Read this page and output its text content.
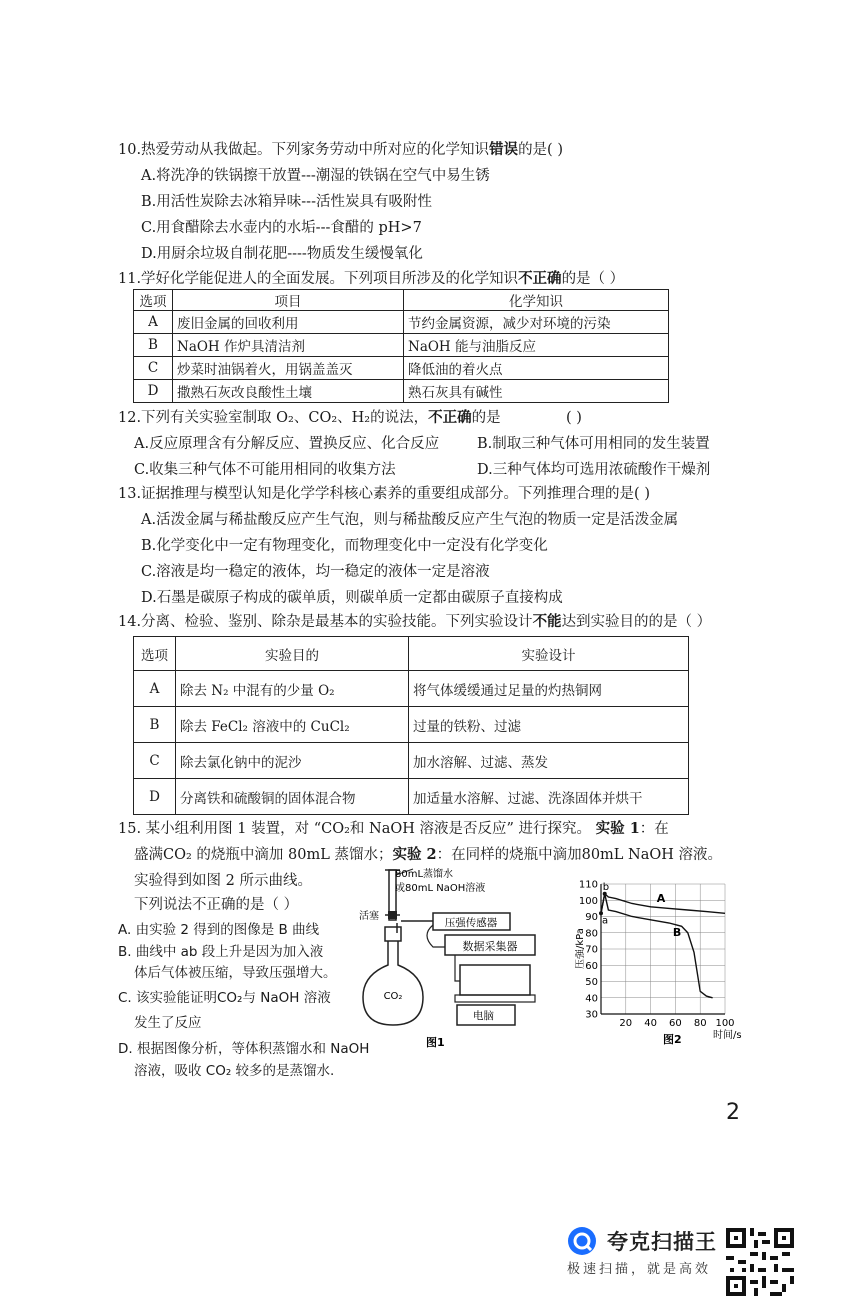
10.热爱劳动从我做起。下列家务劳动中所对应的化学知识错误的是( )
A.将洗净的铁锅擦干放置---潮湿的铁锅在空气中易生锈
B.用活性炭除去冰箱异味---活性炭具有吸附性
C.用食醋除去水壶内的水垢---食醋的 pH>7
D.用厨余垃圾自制花肥----物质发生缓慢氧化
11.学好化学能促进人的全面发展。下列项目所涉及的化学知识不正确的是（ ）
选项	项目	化学知识
A	废旧金属的回收利用	节约金属资源，减少对环境的污染
B	NaOH 作炉具清洁剂	NaOH 能与油脂反应
C	炒菜时油锅着火，用锅盖盖灭	降低油的着火点
D	撒熟石灰改良酸性土壤	熟石灰具有碱性
12.下列有关实验室制取 O₂、CO₂、H₂的说法，不正确的是	( )
A.反应原理含有分解反应、置换反应、化合反应	B.制取三种气体可用相同的发生装置
C.收集三种气体不可能用相同的收集方法	D.三种气体均可选用浓硫酸作干燥剂
13.证据推理与模型认知是化学学科核心素养的重要组成部分。下列推理合理的是( )
A.活泼金属与稀盐酸反应产生气泡，则与稀盐酸反应产生气泡的物质一定是活泼金属
B.化学变化中一定有物理变化，而物理变化中一定没有化学变化
C.溶液是均一稳定的液体，均一稳定的液体一定是溶液
D.石墨是碳原子构成的碳单质，则碳单质一定都由碳原子直接构成
14.分离、检验、鉴别、除杂是最基本的实验技能。下列实验设计不能达到实验目的的是（ ）
选项	实验目的	实验设计
A	除去 N₂ 中混有的少量 O₂	将气体缓缓通过足量的灼热铜网
B	除去 FeCl₂ 溶液中的 CuCl₂	过量的铁粉、过滤
C	除去氯化钠中的泥沙	加水溶解、过滤、蒸发
D	分离铁和硫酸铜的固体混合物	加适量水溶解、过滤、洗涤固体并烘干
15. 某小组利用图 1 装置，对 “CO₂和 NaOH 溶液是否反应” 进行探究。 实验 1：在
盛满CO₂ 的烧瓶中滴加 80mL 蒸馏水；实验 2：在同样的烧瓶中滴加80mL NaOH 溶液。
实验得到如图 2 所示曲线。
下列说法不正确的是（ ）
A. 由实验 2 得到的图像是 B 曲线
B. 曲线中 ab 段上升是因为加入液
体后气体被压缩，导致压强增大。
C. 该实验能证明CO₂与 NaOH 溶液
发生了反应
D. 根据图像分析，等体积蒸馏水和 NaOH
溶液，吸收 CO₂ 较多的是蒸馏水.
CO₂
压强传感器
数据采集器
电脑
80mL蒸馏水
或80mL NaOH溶液
活塞
图1
30
40
50
60
70
80
90
100
110
20 40 60 80 100
压强/kPa
时间/s
a
b
A
B
图2
2
夸克扫描王
极速扫描，就是高效
